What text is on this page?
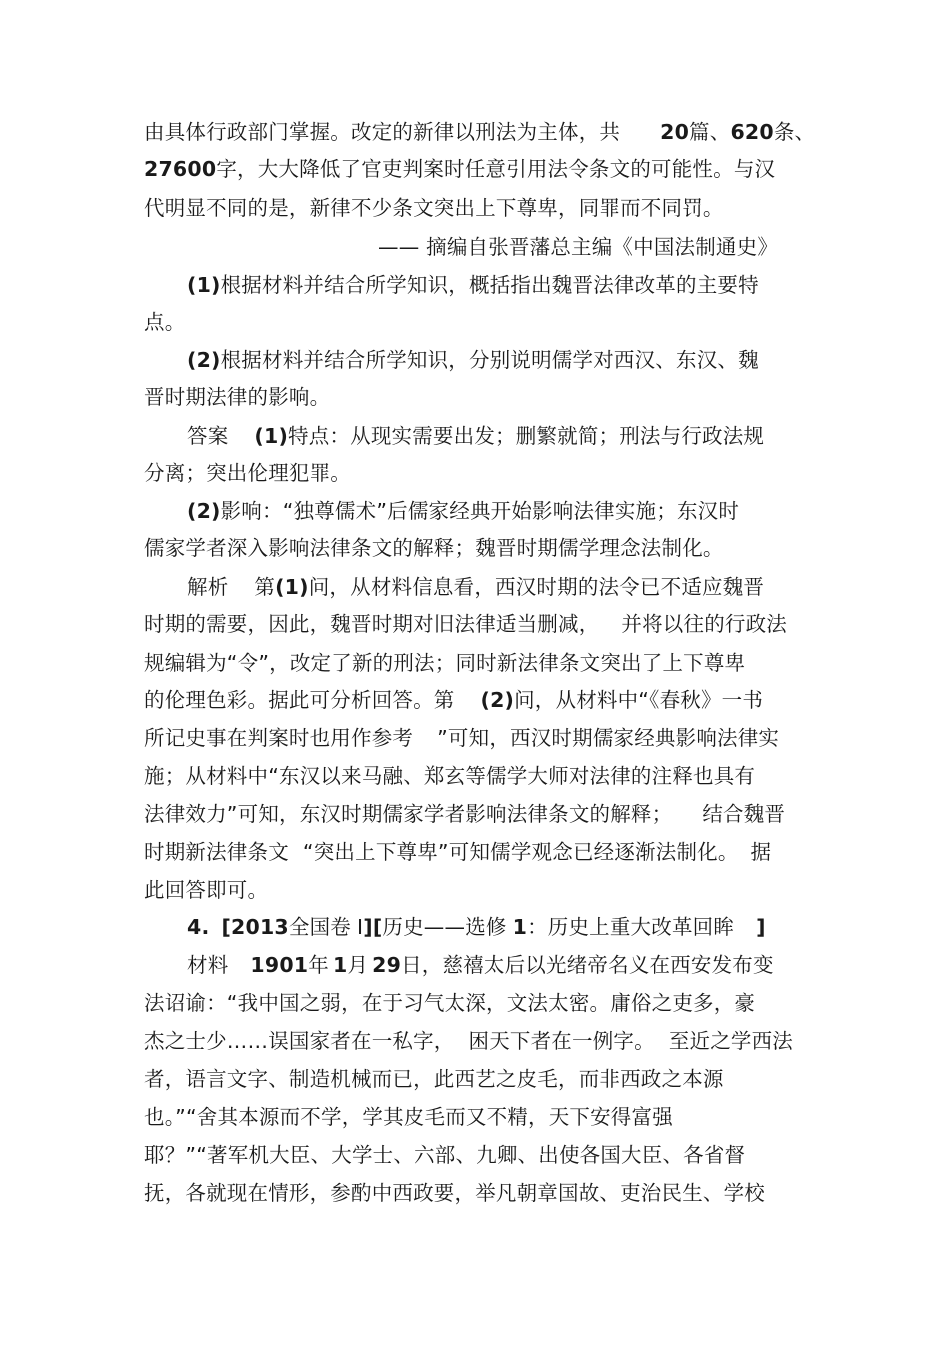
由具体行政部门掌握。改定的新律以刑法为主体，共 20篇、620条、
27600字，大大降低了官吏判案时任意引用法令条文的可能性。与汉
代明显不同的是，新律不少条文突出上下尊卑，同罪而不同罚。
—— 摘编自张晋藩总主编《中国法制通史》
(1)根据材料并结合所学知识，概括指出魏晋法律改革的主要特
点。
(2)根据材料并结合所学知识，分别说明儒学对西汉、东汉、魏
晋时期法律的影响。
答案 (1)特点：从现实需要出发；删繁就简；刑法与行政法规
分离；突出伦理犯罪。
(2)影响：“独尊儒术”后儒家经典开始影响法律实施；东汉时
儒家学者深入影响法律条文的解释；魏晋时期儒学理念法制化。
解析 第(1)问，从材料信息看，西汉时期的法令已不适应魏晋
时期的需要，因此，魏晋时期对旧法律适当删减， 并将以往的行政法
规编辑为“令”，改定了新的刑法；同时新法律条文突出了上下尊卑
的伦理色彩。据此可分析回答。第 (2)问，从材料中“《春秋》一书
所记史事在判案时也用作参考 ”可知，西汉时期儒家经典影响法律实
施；从材料中“东汉以来马融、郑玄等儒学大师对法律的注释也具有
法律效力”可知，东汉时期儒家学者影响法律条文的解释； 结合魏晋
时期新法律条文 “突出上下尊卑”可知儒学观念已经逐渐法制化。 据
此回答即可。
4. [2013全国卷 Ⅰ][历史——选修 1：历史上重大改革回眸 ]
材料 1901年 1月 29日，慈禧太后以光绪帝名义在西安发布变
法诏谕：“我中国之弱，在于习气太深，文法太密。庸俗之吏多，豪
杰之士少……误国家者在一私字， 困天下者在一例字。 至近之学西法
者，语言文字、制造机械而已，此西艺之皮毛，而非西政之本源
也。”“舍其本源而不学，学其皮毛而又不精，天下安得富强
耶？”“著军机大臣、大学士、六部、九卿、出使各国大臣、各省督
抚，各就现在情形，参酌中西政要，举凡朝章国故、吏治民生、学校
